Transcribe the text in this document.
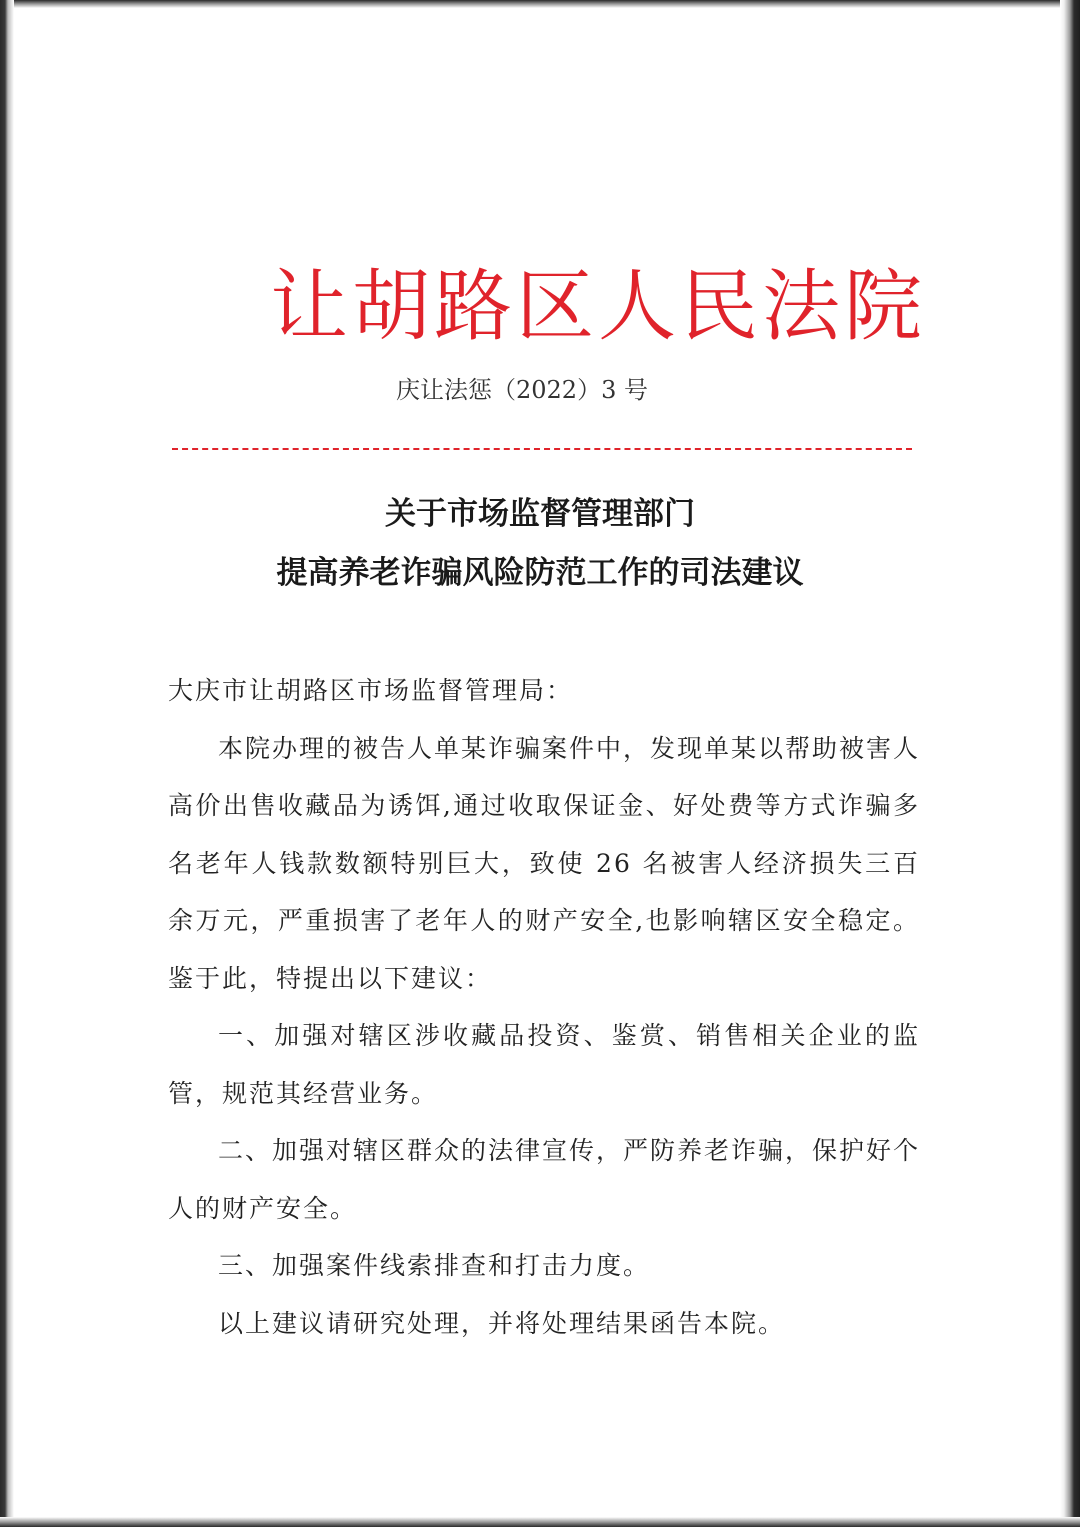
让胡路区人民法院
庆让法惩（2022）3 号
关于市场监督管理部门
提高养老诈骗风险防范工作的司法建议

大庆市让胡路区市场监督管理局：

本院办理的被告人单某诈骗案件中，发现单某以帮助被害人高价出售收藏品为诱饵,通过收取保证金、好处费等方式诈骗多名老年人钱款数额特别巨大，致使 26 名被害人经济损失三百余万元，严重损害了老年人的财产安全,也影响辖区安全稳定。鉴于此，特提出以下建议：

一、加强对辖区涉收藏品投资、鉴赏、销售相关企业的监管，规范其经营业务。

二、加强对辖区群众的法律宣传，严防养老诈骗，保护好个人的财产安全。

三、加强案件线索排查和打击力度。

以上建议请研究处理，并将处理结果函告本院。
